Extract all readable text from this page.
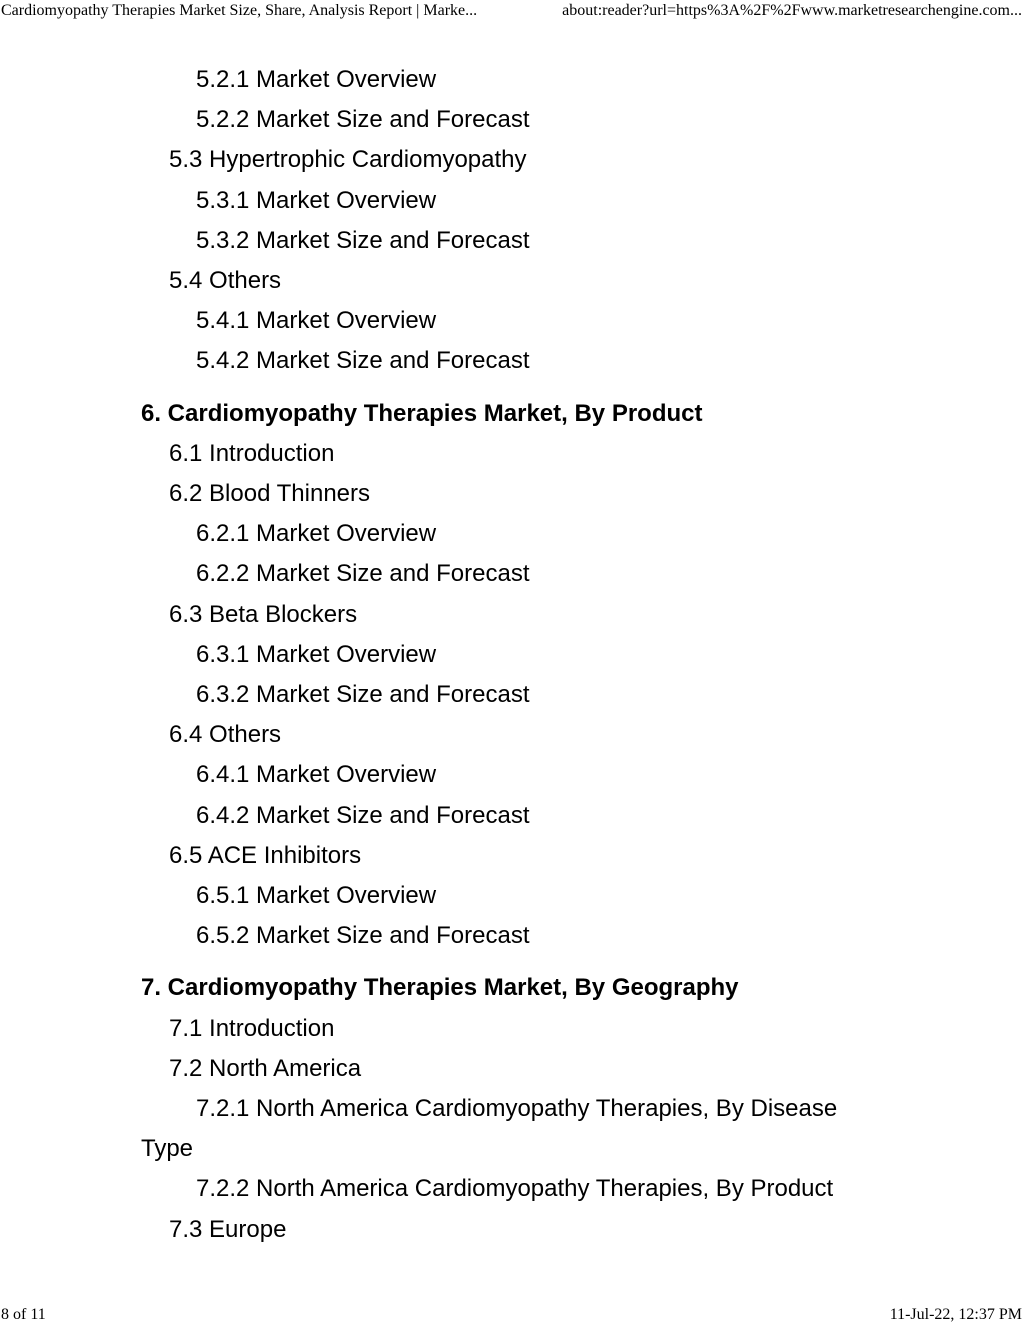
Cardiomyopathy Therapies Market Size, Share, Analysis Report | Marke...	about:reader?url=https%3A%2F%2Fwww.marketresearchengine.com...
5.2.1 Market Overview
5.2.2 Market Size and Forecast
5.3 Hypertrophic Cardiomyopathy
5.3.1 Market Overview
5.3.2 Market Size and Forecast
5.4 Others
5.4.1 Market Overview
5.4.2 Market Size and Forecast
6. Cardiomyopathy Therapies Market, By Product
6.1 Introduction
6.2 Blood Thinners
6.2.1 Market Overview
6.2.2 Market Size and Forecast
6.3 Beta Blockers
6.3.1 Market Overview
6.3.2 Market Size and Forecast
6.4 Others
6.4.1 Market Overview
6.4.2 Market Size and Forecast
6.5 ACE Inhibitors
6.5.1 Market Overview
6.5.2 Market Size and Forecast
7. Cardiomyopathy Therapies Market, By Geography
7.1 Introduction
7.2 North America
7.2.1 North America Cardiomyopathy Therapies, By Disease
Type
7.2.2 North America Cardiomyopathy Therapies, By Product
7.3 Europe
8 of 11	11-Jul-22, 12:37 PM
